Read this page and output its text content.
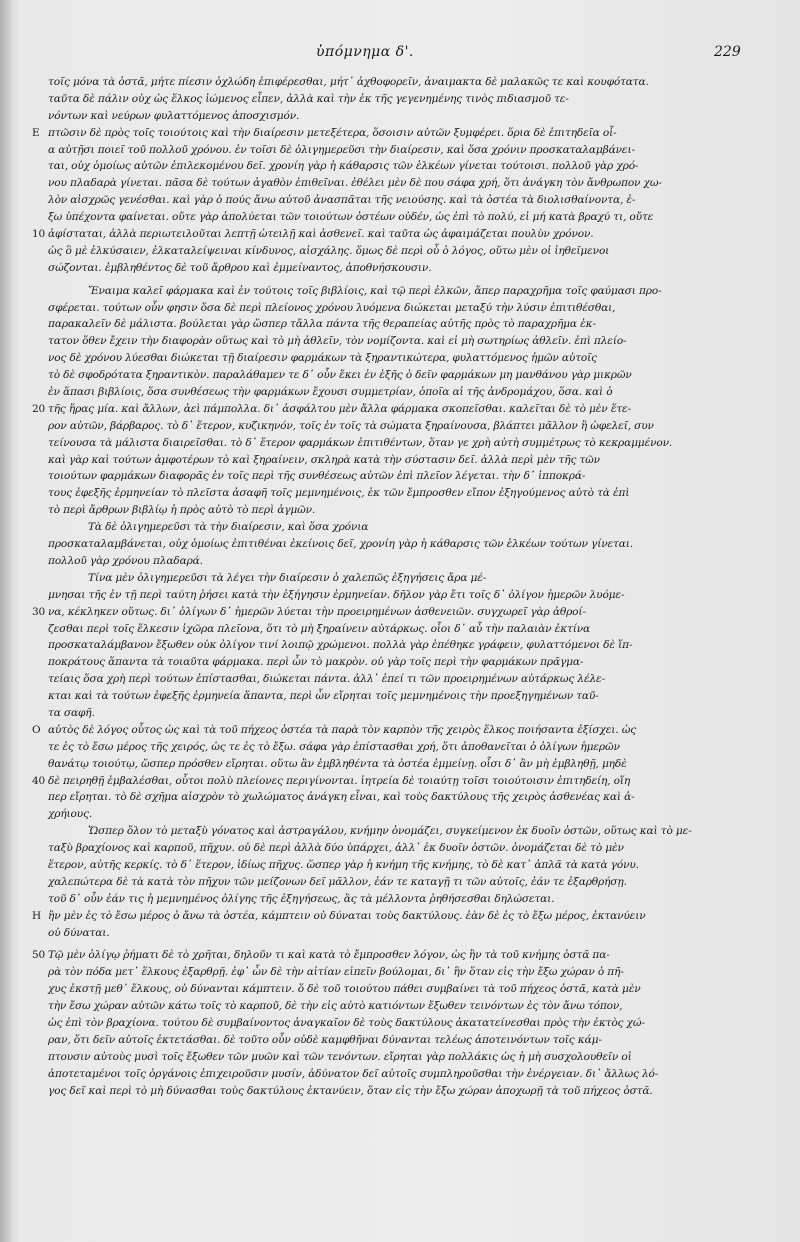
ὑπόμνημα δ'.	229
τοῖς μόνα τὰ ὀστᾶ, μήτε πίεσιν ὀχλώδη ἐπιφέρεσθαι, μήτ᾽ ἀχθοφορεῖν, ἀναιμακτα δὲ μαλακῶς τε καὶ κουφότατα.
ταῦτα δὲ πάλιν οὐχ ὡς ἕλκος ἰώμενος εἶπεν, ἀλλὰ καὶ τὴν ἐκ τῆς γεγενημένης τινὸς πιδιασμοῦ τε-
νόντων καὶ νεύρων φυλαττόμενος ἀποσχισμόν.
E πτῶσιν δὲ πρὸς τοῖς τοιούτοις καὶ τὴν διαίρεσιν μετεξέτερα, ὅσοισιν αὐτῶν ξυμφέρει. ὅρια δὲ ἐπιτηδεῖα οἷ-
α αὐτῇσι ποιεῖ τοῦ πολλοῦ χρόνου. ἐν τοῖσι δὲ ὀλιγημερεῦσι τὴν διαίρεσιν, καὶ ὅσα χρόνιν προσκαταλαμβάνει-
ται, οὐχ ὁμοίως αὐτῶν ἐπιλεκομένου δεῖ. χρονίη γὰρ ἡ κάθαρσις τῶν ἑλκέων γίνεται τούτοισι. πολλοῦ γὰρ χρό-
νου πλαδαρὰ γίνεται. πᾶσα δὲ τούτων ἀγαθὸν ἐπιθεῖναι. ἐθέλει μὲν δὲ που σάφα χρή, ὅτι ἀνάγκη τὸν ἄνθρωπον χω-
λὸν αἰσχρῶς γενέσθαι. καὶ γὰρ ὁ πούς ἄνω αὐτοῦ ἀνασπᾶται τῆς νειούσης. καὶ τὰ ὀστέα τὰ διολισθαίνοντα, ἐ-
ξω ὑπέχοντα φαίνεται. οὔτε γὰρ ἀπολύεται τῶν τοιούτων ὀστέων οὐδέν, ὡς ἐπὶ τὸ πολύ, εἰ μή κατὰ βραχύ τι, οὔτε
10 ἀφίσταται, ἀλλὰ περιωτειλοῦται λεπτῇ ὠτειλῇ καὶ ἀσθενεῖ. καὶ ταῦτα ὡς ἀφαιμάζεται πουλὺν χρόνον.
ὡς ὃ μὲ ἑλκύσαιεν, ἐλκαταλείψειναι κίνδυνος, αἰσχάλης. ὅμως δὲ περὶ οὗ ὁ λόγος, οὕτω μὲν οἱ ἰηθεῖμενοι
σώζονται. ἐμβληθέντος δὲ τοῦ ἄρθρου καὶ ἐμμείναντος, ἀποθνήσκουσιν.
Ἔναιμα καλεῖ φάρμακα καὶ ἐν τούτοις τοῖς βιβλίοις, καὶ τῷ περὶ ἑλκῶν, ἅπερ παραχρῆμα τοῖς φαύμασι προ-
σφέρεται. τούτων οὖν φησιν ὅσα δὲ περὶ πλείονος χρόνου λυόμενα διώκεται μεταξύ τὴν λύσιν ἐπιτιθέσθαι,
παρακαλεῖν δὲ μάλιστα. βούλεται γὰρ ὥσπερ τἄλλα πάντα τῆς θεραπείας αὐτῆς πρὸς τὸ παραχρῆμα ἐκ-
τατον ὅθεν ἔχειν τὴν διαφορὰν οὕτως καὶ τὸ μὴ ἀθλεῖν, τὸν νομίζοντα. καὶ εἰ μὴ σωτηρίως ἀθλεῖν. ἐπὶ πλείο-
νος δὲ χρόνου λύεσθαι διώκεται τῇ διαίρεσιν φαρμάκων τὰ ξηραντικώτερα, φυλαττόμενος ἡμῶν αὐτοῖς
τὸ δὲ σφοδρότατα ξηραντικὸν. παραλάθαμεν τε δ᾽ οὖν ἔκει ἐν ἑξῆς ὁ δεῖν φαρμάκων μη μανθάνου γὰρ μικρῶν
ἐν ἅπασι βιβλίοις, ὅσα συνθέσεως τὴν φαρμάκων ἔχουσι συμμετρίαν, ὁποῖα αἱ τῆς ἀνδρομάχου, ὅσα. καὶ ὁ
20 τῆς ἥρας μία. καὶ ἄλλων, ἀεὶ πάμπολλα. δι᾽ ἀσφάλτου μὲν ἄλλα φάρμακα σκοπεῖσθαι. καλεῖται δὲ τὸ μὲν ἕτε-
ρον αὐτῶν, βάρβαρος. τὸ δ᾽ ἕτερον, κυζικηνόν, τοῖς ἐν τοῖς τὰ σώματα ξηραίνουσα, βλάπτει μᾶλλον ἢ ὠφελεῖ, συν
τείνουσα τὰ μάλιστα διαιρεῖσθαι. τὸ δ᾽ ἕτερον φαρμάκων ἐπιτιθέντων, ὅταν γε χρὴ αὐτὴ συμμέτρως τὸ κεκραμμένον.
καὶ γὰρ καὶ τούτων ἀμφοτέρων τὸ καὶ ξηραίνειν, σκληρὰ κατὰ τὴν σύστασιν δεῖ. ἀλλὰ περὶ μὲν τῆς τῶν
τοιούτων φαρμάκων διαφορᾶς ἐν τοῖς περὶ τῆς συνθέσεως αὐτῶν ἐπὶ πλεῖον λέγεται. τὴν δ᾽ ἱπποκρά-
τους ἐφεξῆς ἐρμηνείαν τὸ πλεῖστα ἀσαφῆ τοῖς μεμνημένοις, ἐκ τῶν ἔμπροσθεν εἴπον ἐξηγούμενος αὐτὸ τὰ ἐπὶ
τὸ περὶ ἄρθρων βιβλίῳ ἡ πρὸς αὐτὸ τὸ περὶ ἀγμῶν.
Τὰ δὲ ὀλιγημερεῦσι τὰ τὴν διαίρεσιν, καὶ ὅσα χρόνια
προσκαταλαμβάνεται, οὐχ ὁμοίως ἐπιτιθέναι ἐκείνοις δεῖ, χρονίη γὰρ ἡ κάθαρσις τῶν ἑλκέων τούτων γίνεται.
πολλοῦ γὰρ χρόνου πλαδαρά.
Τίνα μὲν ὀλιγημερεῦσι τὰ λέγει τὴν διαίρεσιν ὁ χαλεπῶς ἐξηγήσεις ἄρα μέ-
μνησαι τῆς ἐν τῇ περὶ ταύτη ῥήσει κατὰ τὴν ἐξήγησιν ἐρμηνείαν. δῆλον γὰρ ἔτι τοῖς δ᾽ ὀλίγον ἡμερῶν λυόμε-
30 να, κέκληκεν οὕτως. δι᾽ ὀλίγων δ᾽ ἡμερῶν λύεται τὴν προειρημένων ἀσθενειῶν. συγχωρεῖ γὰρ ἀθροί-
ζεσθαι περὶ τοῖς ἕλκεσιν ἰχῶρα πλεῖονα, ὅτι τὸ μὴ ξηραίνειν αὐτάρκως. οἷοι δ᾽ αὖ τὴν παλαιὰν ἐκτίνα
προσκαταλάμβανον ἔξωθεν οὐκ ὀλίγον τινί λοιπῷ χρώμενοι. πολλὰ γὰρ ἐπέθηκε γράφειν, φυλαττόμενοι δὲ ἵπ-
ποκράτους ἅπαντα τὰ τοιαῦτα φάρμακα. περὶ ὧν τὸ μακρὸν. οὐ γὰρ τοῖς περὶ τὴν φαρμάκων πρᾶγμα-
τείαις ὅσα χρὴ περὶ τούτων ἐπίστασθαι, διώκεται πάντα. ἀλλ᾽ ἐπεί τι τῶν προειρημένων αὐτάρκως λέλε-
κται καὶ τὰ τούτων ἐφεξῆς ἐρμηνεία ἅπαντα, περὶ ὧν εἴρηται τοῖς μεμνημένοις τὴν προεξηγημένων ταῦ-
τα σαφῆ.
O αὐτὸς δὲ λόγος οὗτος ὡς καὶ τὰ τοῦ πήχεος ὀστέα τὰ παρὰ τὸν καρπὸν τῆς χειρὸς ἕλκος ποιήσαντα ἐξίσχει. ὡς
τε ἐς τὸ ἔσω μέρος τῆς χειρός, ὡς τε ἐς τὸ ἔξω. σάφα γὰρ ἐπίστασθαι χρή, ὅτι ἀποθανεῖται ὁ ὀλίγων ἡμερῶν
θανάτῳ τοιούτῳ, ὥσπερ πρόσθεν εἴρηται. οὕτω ἂν ἐμβληθέντα τὰ ὀστέα ἐμμείνῃ. οἷσι δ᾽ ἂν μὴ ἐμβληθῇ, μηδὲ
40 δὲ πειρηθῇ ἐμβαλέσθαι, οὗτοι πολὺ πλείονες περιγίνονται. ἰητρεία δὲ τοιαύτῃ τοῖσι τοιούτοισιν ἐπιτηδείη, οἵη
περ εἴρηται. τὸ δὲ σχῆμα αἰσχρὸν τὸ χωλώματος ἀνάγκη εἶναι, καὶ τοὺς δακτύλους τῆς χειρὸς ἀσθενέας καὶ ἀ-
χρήιους.
Ὥσπερ ὅλον τὸ μεταξὺ γόνατος καὶ ἀστραγάλου, κνήμην ὀνομάζει, συγκείμενον ἐκ δυοῖν ὀστῶν, οὕτως καὶ τὸ με-
ταξὺ βραχίονος καὶ καρποῦ, πῆχυν. οὐ δὲ περὶ ἀλλὰ δύο ὑπάρχει, ἀλλ᾽ ἐκ δυοῖν ὀστῶν. ὀνομάζεται δὲ τὸ μὲν
ἕτερον, αὐτῆς κερκίς. τὸ δ᾽ ἕτερον, ἰδίως πῆχυς. ὥσπερ γὰρ ἡ κνήμη τῆς κνήμης, τὸ δὲ κατ᾽ ἀπλᾶ τὰ κατὰ γόνυ.
χαλεπώτερα δὲ τὰ κατὰ τὸν πῆχυν τῶν μείζονων δεῖ μᾶλλον, ἐάν τε καταγῇ τι τῶν αὐτοῖς, ἐάν τε ἐξαρθρήσῃ.
τοῦ δ᾽ οὖν ἐάν τις ἡ μεμνημένος ὀλίγης τῆς ἐξηγήσεως, ἃς τὰ μέλλοντα ῥηθήσεσθαι δηλώσεται.
H ἢν μὲν ἐς τὸ ἔσω μέρος ὁ ἄνω τὰ ὀστέα, κάμπτειν οὐ δύναται τοὺς δακτύλους. ἐὰν δὲ ἐς τὸ ἔξω μέρος, ἐκτανύειν
οὐ δύναται.
50 Τῷ μὲν ὀλίγῳ ῥήματι δὲ τὸ χρῆται, δηλοῦν τι καὶ κατὰ τὸ ἔμπροσθεν λόγον, ὡς ἢν τὰ τοῦ κνήμης ὀστᾶ πα-
ρὰ τὸν πόδα μετ᾽ ἕλκους ἐξαρθρῇ. ἐφ᾽ ὧν δὲ τὴν αἰτίαν εἰπεῖν βούλομαι, δι᾽ ἣν ὅταν εἰς τὴν ἔξω χώραν ὁ πῆ-
χυς ἐκστῇ μεθ᾽ ἕλκους, οὐ δύνανται κάμπτειν. ὅ δὲ τοῦ τοιούτου πάθει συμβαίνει τὰ τοῦ πήχεος ὀστᾶ, κατὰ μὲν
τὴν ἔσω χώραν αὐτῶν κάτω τοῖς τὸ καρποῦ, δὲ τὴν εἰς αὐτὸ κατιόντων ἔξωθεν τεινόντων ἐς τὸν ἄνω τόπον,
ὡς ἐπὶ τὸν βραχίονα. τούτου δὲ συμβαίνοντος ἀναγκαῖον δὲ τοὺς δακτύλους ἀκατατείνεσθαι πρὸς τὴν ἐκτὸς χώ-
ραν, ὅτι δεῖν αὐτοῖς ἐκτετάσθαι. δὲ τοῦτο οὖν οὐδὲ καμφθῆναι δύνανται τελέως ἀποτεινόντων τοῖς κάμ-
πτουσιν αὐτοὺς μυσὶ τοῖς ἔξωθεν τῶν μυῶν καὶ τῶν τενόντων. εἴρηται γὰρ πολλάκις ὡς ἡ μὴ συσχολουθεῖν οἱ
ἀποτεταμένοι τοῖς ὀργάνοις ἐπιχειροῦσιν μυσίν, ἀδύνατον δεῖ αὐτοῖς συμπληροῦσθαι τὴν ἐνέργειαν. δι᾽ ἄλλως λό-
γος δεῖ καὶ περὶ τὸ μὴ δύνασθαι τοὺς δακτύλους ἐκτανύειν, ὅταν εἰς τὴν ἔξω χώραν ἀποχωρῇ τὰ τοῦ πήχεος ὀστᾶ.
